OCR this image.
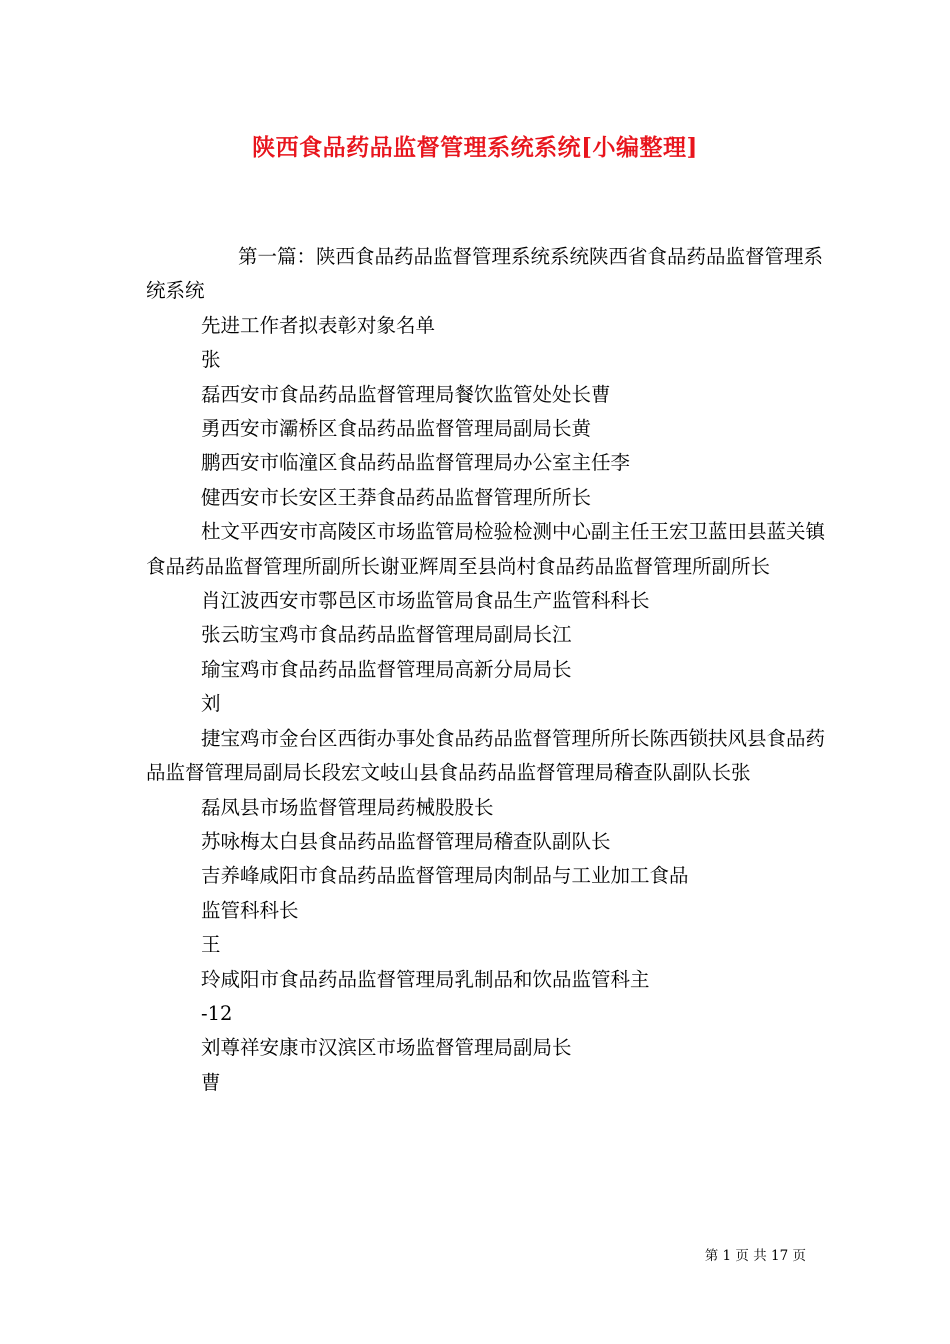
陕西食品药品监督管理系统系统[小编整理]

第一篇：陕西食品药品监督管理系统系统陕西省食品药品监督管理系统系统

先进工作者拟表彰对象名单

张

磊西安市食品药品监督管理局餐饮监管处处长曹

勇西安市灞桥区食品药品监督管理局副局长黄

鹏西安市临潼区食品药品监督管理局办公室主任李

健西安市长安区王莽食品药品监督管理所所长

杜文平西安市高陵区市场监管局检验检测中心副主任王宏卫蓝田县蓝关镇食品药品监督管理所副所长谢亚辉周至县尚村食品药品监督管理所副所长

肖江波西安市鄠邑区市场监管局食品生产监管科科长

张云昉宝鸡市食品药品监督管理局副局长江

瑜宝鸡市食品药品监督管理局高新分局局长

刘

捷宝鸡市金台区西街办事处食品药品监督管理所所长陈西锁扶风县食品药品监督管理局副局长段宏文岐山县食品药品监督管理局稽查队副队长张

磊凤县市场监督管理局药械股股长

苏咏梅太白县食品药品监督管理局稽查队副队长

吉养峰咸阳市食品药品监督管理局肉制品与工业加工食品

监管科科长

王

玲咸阳市食品药品监督管理局乳制品和饮品监管科主

-12

刘尊祥安康市汉滨区市场监督管理局副局长

曹

第 1 页 共 17 页
